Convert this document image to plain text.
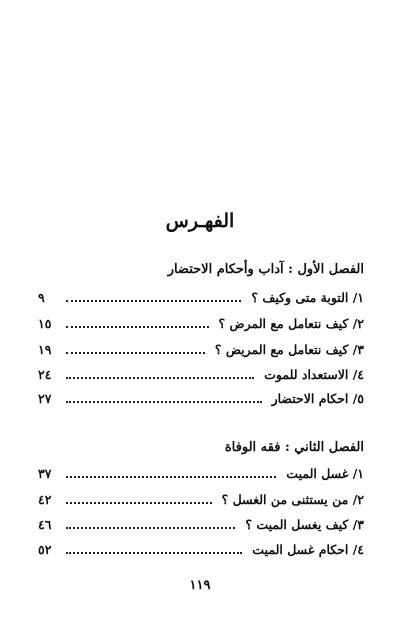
الفهـرس
الفصل الأول : آداب وأحكام الاحتضار
١/ التوبة متى وكيف ؟
٩
٢/ كيف نتعامل مع المرض ؟
١٥
٣/ كيف نتعامل مع المريض ؟
١٩
٤/ الاستعداد للموت
٢٤
٥/ احكام الاحتضار
٢٧
الفصل الثاني : فقه الوفاة
١/ غسل الميت
٣٧
٢/ من يستثنى من الغسل ؟
٤٢
٣/ كيف يغسل الميت ؟
٤٦
٤/ احكام غسل الميت
٥٢
١١٩
